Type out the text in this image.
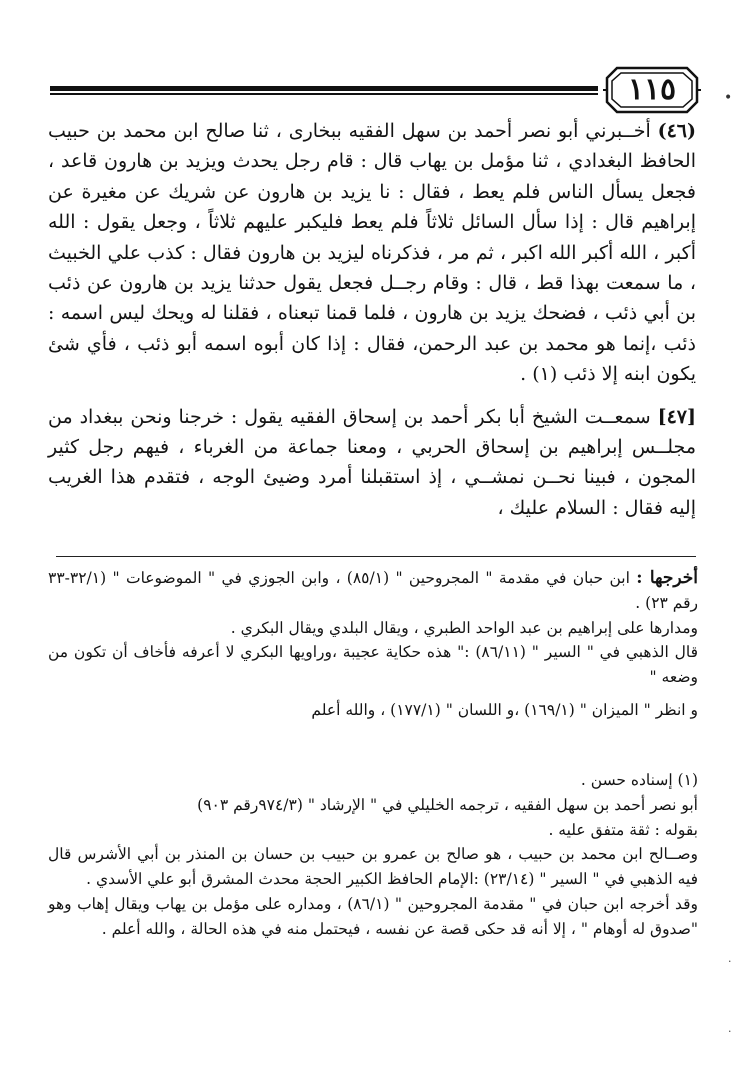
١١٥	•

(٤٦) أخــبرني أبو نصر أحمد بن سهل الفقيه ببخارى ، ثنا صالح ابن محمد بن حبيب الحافظ البغدادي ، ثنا مؤمل بن يهاب قال : قام رجل يحدث ويزيد بن هارون قاعد ، فجعل يسأل الناس فلم يعط ، فقال : نا يزيد بن هارون عن شريك عن مغيرة عن إبراهيم قال : إذا سأل السائل ثلاثاً فلم يعط فليكبر عليهم ثلاثاً ، وجعل يقول : الله أكبر ، الله أكبر الله اكبر ، ثم مر ، فذكرناه ليزيد بن هارون فقال : كذب علي الخبيث ، ما سمعت بهذا قط ، قال : وقام رجــل فجعل يقول حدثنا يزيد بن هارون عن ذئب بن أبي ذئب ، فضحك يزيد بن هارون ، فلما قمنا تبعناه ، فقلنا له ويحك ليس اسمه : ذئب ،إنما هو محمد بن عبد الرحمن، فقال : إذا كان أبوه اسمه أبو ذئب ، فأي شئ يكون ابنه إلا ذئب (١) .

[٤٧] سمعــت الشيخ أبا بكر أحمد بن إسحاق الفقيه يقول : خرجنا ونحن ببغداد من مجلــس إبراهيم بن إسحاق الحربي ، ومعنا جماعة من الغرباء ، فيهم رجل كثير المجون ، فبينا نحــن نمشــي ، إذ استقبلنا أمرد وضيئ الوجه ، فتقدم هذا الغريب إليه فقال : السلام عليك ،

أخرجها : ابن حبان في مقدمة " المجروحين " (٨٥/١) ، وابن الجوزي في " الموضوعات " (٣٢/١-٣٣ رقم ٢٣) .

ومدارها على إبراهيم بن عبد الواحد الطبري ، ويقال البلدي ويقال البكري .

قال الذهبي في " السير " (٨٦/١١) :" هذه حكاية عجيبة ،وراويها البكري لا أعرفه فأخاف أن تكون من وضعه "

و انظر " الميزان " (١٦٩/١) ،و اللسان " (١٧٧/١) ، والله أعلم

(١) إسناده حسن .

أبو نصر أحمد بن سهل الفقيه ، ترجمه الخليلي في " الإرشاد " (٩٧٤/٣رقم ٩٠٣)

بقوله : ثقة متفق عليه .

وصــالح ابن محمد بن حبيب ، هو صالح بن عمرو بن حبيب بن حسان بن المنذر بن أبي الأشرس قال فيه الذهبي في " السير " (٢٣/١٤) :الإمام الحافظ الكبير الحجة محدث المشرق أبو علي الأسدي .

وقد أخرجه ابن حبان في " مقدمة المجروحين " (٨٦/١) ، ومداره على مؤمل بن يهاب ويقال إهاب وهو "صدوق له أوهام " ، إلا أنه قد حكى قصة عن نفسه ، فيحتمل منه في هذه الحالة ، والله أعلم .

·
·
